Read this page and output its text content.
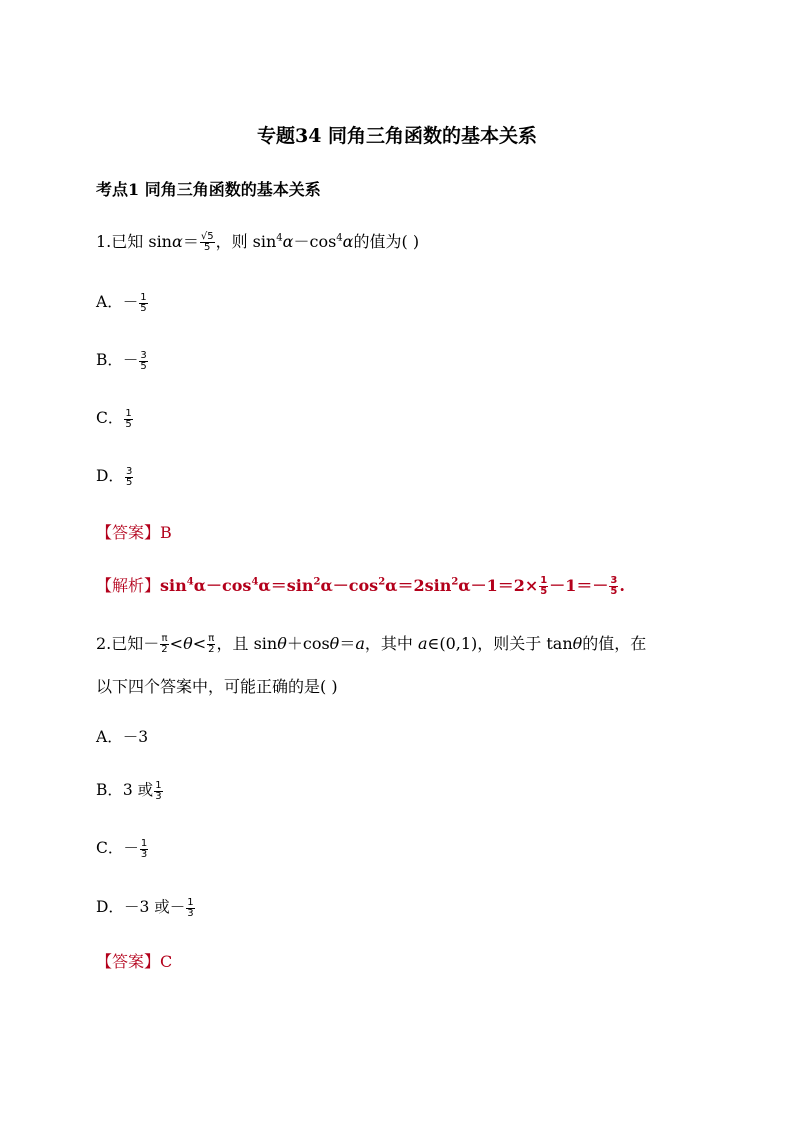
专题34 同角三角函数的基本关系
考点1 同角三角函数的基本关系
1.已知 $\sin\alpha= \frac{√5}{5}$ ，则 $\sin^4\alpha-\cos^4\alpha$的值为( )
A．－ $\frac{1}{5}$
B．－ $\frac{3}{5}$
C． $\frac{1}{5}$
D． $\frac{3}{5}$
【答案】B
【解析】$\sin^4\alpha-\cos^4\alpha=\sin^2\alpha-\cos^2\alpha=2\sin^2\alpha-1=2\times \frac{1}{5} -1=- \frac{3}{5}$ .
2.已知－ $\frac{\pi}{2} <\theta< \frac{\pi}{2}$ ，且 sinθ＋cosθ＝a，其中 a∈(0,1)，则关于 tanθ的值，在
以下四个答案中，可能正确的是( )
A．－3
B．3 或 $\frac{1}{3}$
C．－ $\frac{1}{3}$
D．－3 或－ $\frac{1}{3}$
【答案】C
